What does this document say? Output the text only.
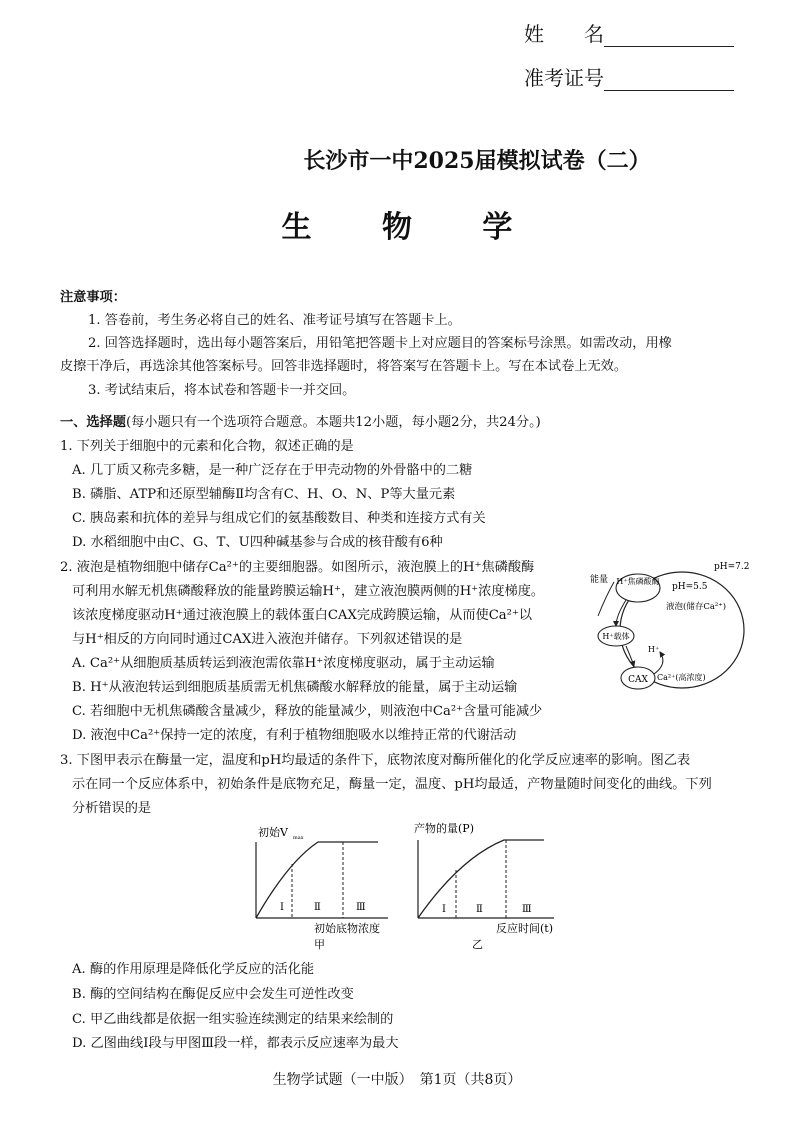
姓　　名
准考证号
长沙市一中2025届模拟试卷（二）
生 物 学
注意事项：
1. 答卷前，考生务必将自己的姓名、准考证号填写在答题卡上。
2. 回答选择题时，选出每小题答案后，用铅笔把答题卡上对应题目的答案标号涂黑。如需改动，用橡
皮擦干净后，再选涂其他答案标号。回答非选择题时，将答案写在答题卡上。写在本试卷上无效。
3. 考试结束后，将本试卷和答题卡一并交回。
一、选择题(每小题只有一个选项符合题意。本题共12小题，每小题2分，共24分。)
1. 下列关于细胞中的元素和化合物，叙述正确的是
A. 几丁质又称壳多糖，是一种广泛存在于甲壳动物的外骨骼中的二糖
B. 磷脂、ATP和还原型辅酶Ⅱ均含有C、H、O、N、P等大量元素
C. 胰岛素和抗体的差异与组成它们的氨基酸数目、种类和连接方式有关
D. 水稻细胞中由C、G、T、U四种碱基参与合成的核苷酸有6种
2. 液泡是植物细胞中储存Ca²⁺的主要细胞器。如图所示，液泡膜上的H⁺焦磷酸酶
可利用水解无机焦磷酸释放的能量跨膜运输H⁺，建立液泡膜两侧的H⁺浓度梯度。
该浓度梯度驱动H⁺通过液泡膜上的载体蛋白CAX完成跨膜运输，从而使Ca²⁺以
与H⁺相反的方向同时通过CAX进入液泡并储存。下列叙述错误的是
A. Ca²⁺从细胞质基质转运到液泡需依靠H⁺浓度梯度驱动，属于主动运输
B. H⁺从液泡转运到细胞质基质需无机焦磷酸水解释放的能量，属于主动运输
C. 若细胞中无机焦磷酸含量减少，释放的能量减少，则液泡中Ca²⁺含量可能减少
D. 液泡中Ca²⁺保持一定的浓度，有利于植物细胞吸水以维持正常的代谢活动
H⁺焦磷酸酶
H⁺载体
CAX
pH=7.2
pH=5.5
能量
液泡(储存Ca²⁺)
H⁺
Ca²⁺(高浓度)
3. 下图甲表示在酶量一定，温度和pH均最适的条件下，底物浓度对酶所催化的化学反应速率的影响。图乙表
示在同一个反应体系中，初始条件是底物充足，酶量一定，温度、pH均最适，产物量随时间变化的曲线。下列
分析错误的是
初始V max
Ⅰ	Ⅱ	Ⅲ
初始底物浓度
甲
产物的量(P)
Ⅰ	Ⅱ	Ⅲ
反应时间(t)
乙
A. 酶的作用原理是降低化学反应的活化能
B. 酶的空间结构在酶促反应中会发生可逆性改变
C. 甲乙曲线都是依据一组实验连续测定的结果来绘制的
D. 乙图曲线Ⅰ段与甲图Ⅲ段一样，都表示反应速率为最大
生物学试题（一中版）　第1页（共8页）
